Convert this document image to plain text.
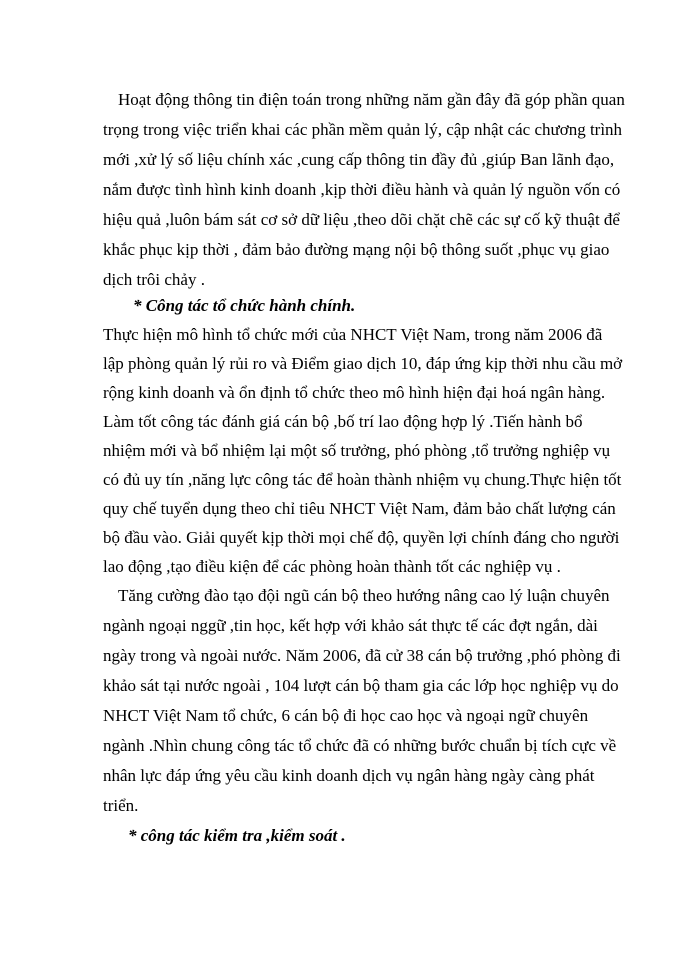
Hoạt động thông tin điện toán trong những năm gần đây đã góp phần quan

trọng trong việc triển khai các phần mềm quản lý, cập nhật các chương trình

mới ,xử lý số liệu chính xác ,cung cấp thông tin đầy đủ ,giúp Ban lãnh đạo,

nắm được tình hình kinh doanh ,kịp thời điều hành và quản lý nguồn vốn có

hiệu quả ,luôn bám sát cơ sở dữ liệu ,theo dõi chặt chẽ các sự cố kỹ thuật để

khắc phục kịp thời , đảm bảo đường mạng nội bộ thông suốt ,phục vụ giao

dịch trôi chảy .

* Công tác tổ chức hành chính.

Thực hiện mô hình tổ chức mới của NHCT Việt Nam, trong năm 2006 đã

lập phòng quản lý rủi ro và Điểm giao dịch 10, đáp ứng kịp thời nhu cầu mở

rộng kinh doanh và ổn định tổ chức theo mô hình hiện đại hoá ngân hàng.

Làm tốt công tác đánh giá cán bộ ,bố trí lao động hợp lý .Tiến hành bổ

nhiệm mới và bổ nhiệm lại một số trưởng, phó phòng ,tổ trưởng nghiệp vụ

có đủ uy tín ,năng lực công tác để hoàn thành nhiệm vụ chung.Thực hiện tốt

quy chế tuyển dụng theo chỉ tiêu NHCT Việt Nam, đảm bảo chất lượng cán

bộ đầu vào. Giải quyết kịp thời mọi chế độ, quyền lợi chính đáng cho người

lao động ,tạo điều kiện để các phòng hoàn thành tốt các nghiệp vụ .

Tăng cường đào tạo đội ngũ cán bộ theo hướng nâng cao lý luận chuyên

ngành ngoại nggữ ,tin học, kết hợp với khảo sát thực tế các đợt ngắn, dài

ngày trong và ngoài nước. Năm 2006, đã cử 38 cán bộ trưởng ,phó phòng đi

khảo sát tại nước ngoài , 104 lượt cán bộ tham gia các lớp học nghiệp vụ do

NHCT Việt Nam tổ chức, 6 cán bộ đi học cao học và ngoại ngữ chuyên

ngành .Nhìn chung công tác tổ chức đã có những bước chuẩn bị tích cực về

nhân lực đáp ứng yêu cầu kinh doanh dịch vụ ngân hàng ngày càng phát

triển.

* công tác kiểm tra ,kiểm soát .
